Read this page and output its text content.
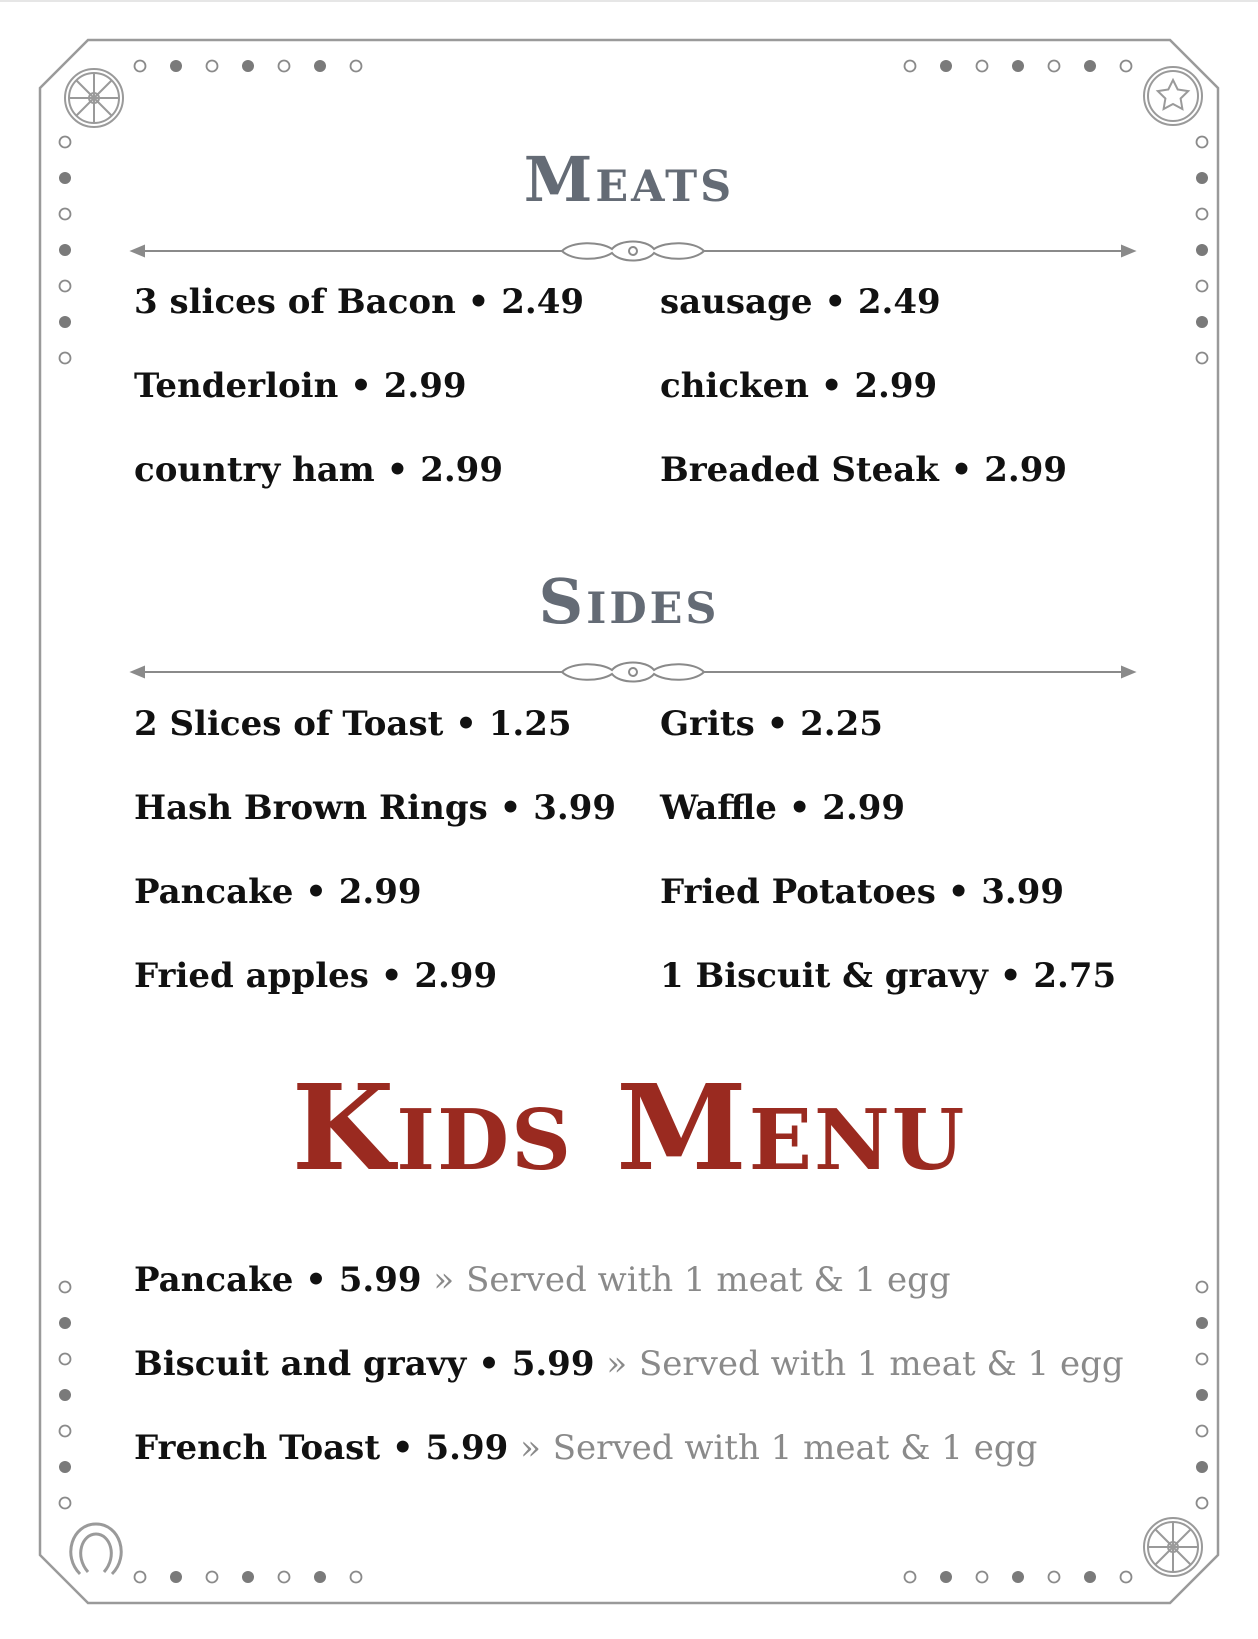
Meats
Sides
Kids Menu
3 slices of Bacon • 2.49 sausage • 2.49
Tenderloin • 2.99	chicken • 2.99
country ham • 2.99	Breaded Steak • 2.99
2 Slices of Toast • 1.25	Grits • 2.25
Hash Brown Rings • 3.99 Waffle • 2.99
Pancake • 2.99	Fried Potatoes • 3.99
Fried apples • 2.99	1 Biscuit & gravy • 2.75
Pancake • 5.99 » Served with 1 meat & 1 egg
Biscuit and gravy • 5.99 » Served with 1 meat & 1 egg
French Toast • 5.99 » Served with 1 meat & 1 egg
